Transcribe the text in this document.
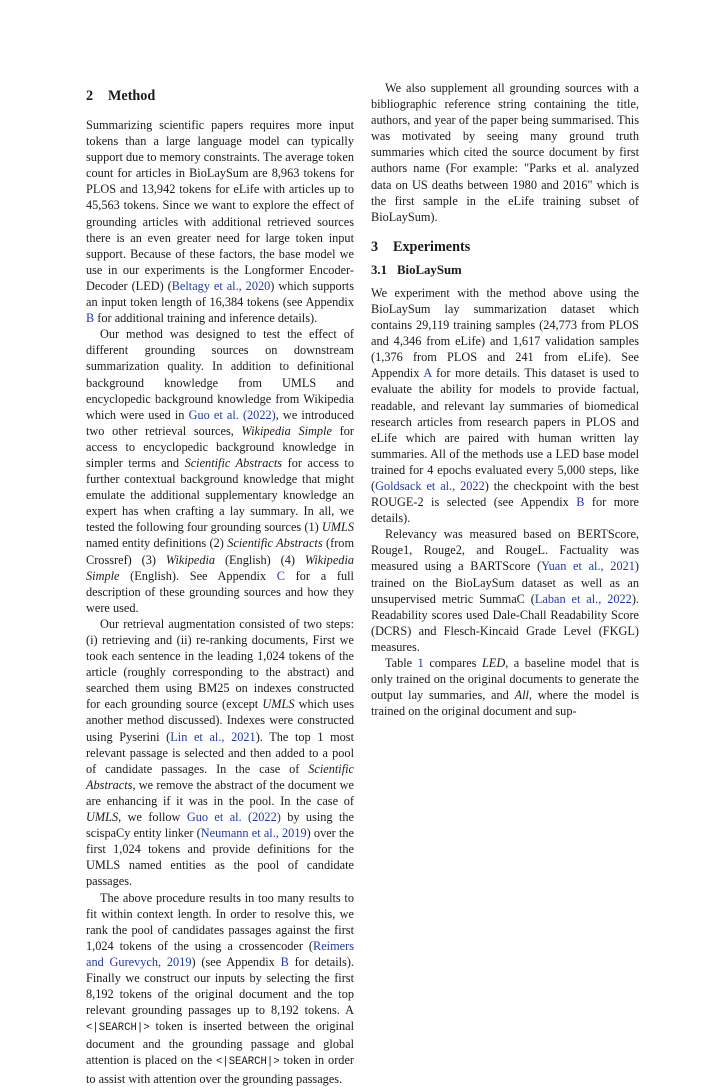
2 Method

Summarizing scientific papers requires more input tokens than a large language model can typically support due to memory constraints. The average token count for articles in BioLaySum are 8,963 tokens for PLOS and 13,942 tokens for eLife with articles up to 45,563 tokens. Since we want to explore the effect of grounding articles with additional retrieved sources there is an even greater need for large token input support. Because of these factors, the base model we use in our experiments is the Longformer Encoder-Decoder (LED) (Beltagy et al., 2020) which supports an input token length of 16,384 tokens (see Appendix B for additional training and inference details).

Our method was designed to test the effect of different grounding sources on downstream summarization quality. In addition to definitional background knowledge from UMLS and encyclopedic background knowledge from Wikipedia which were used in Guo et al. (2022), we introduced two other retrieval sources, Wikipedia Simple for access to encyclopedic background knowledge in simpler terms and Scientific Abstracts for access to further contextual background knowledge that might emulate the additional supplementary knowledge an expert has when crafting a lay summary. In all, we tested the following four grounding sources (1) UMLS named entity definitions (2) Scientific Abstracts (from Crossref) (3) Wikipedia (English) (4) Wikipedia Simple (English). See Appendix C for a full description of these grounding sources and how they were used.

Our retrieval augmentation consisted of two steps: (i) retrieving and (ii) re-ranking documents, First we took each sentence in the leading 1,024 tokens of the article (roughly corresponding to the abstract) and searched them using BM25 on indexes constructed for each grounding source (except UMLS which uses another method discussed). Indexes were constructed using Pyserini (Lin et al., 2021). The top 1 most relevant passage is selected and then added to a pool of candidate passages. In the case of Scientific Abstracts, we remove the abstract of the document we are enhancing if it was in the pool. In the case of UMLS, we follow Guo et al. (2022) by using the scispaCy entity linker (Neumann et al., 2019) over the first 1,024 tokens and provide definitions for the UMLS named entities as the pool of candidate passages.

The above procedure results in too many results to fit within context length. In order to resolve this, we rank the pool of candidates passages against the first 1,024 tokens of the using a crossencoder (Reimers and Gurevych, 2019) (see Appendix B for details). Finally we construct our inputs by selecting the first 8,192 tokens of the original document and the top relevant grounding passages up to 8,192 tokens. A <|SEARCH|> token is inserted between the original document and the grounding passage and global attention is placed on the <|SEARCH|> token in order to assist with attention over the grounding passages.

We also supplement all grounding sources with a bibliographic reference string containing the title, authors, and year of the paper being summarised. This was motivated by seeing many ground truth summaries which cited the source document by first authors name (For example: "Parks et al. analyzed data on US deaths between 1980 and 2016" which is the first sample in the eLife training subset of BioLaySum).

3 Experiments
3.1 BioLaySum

We experiment with the method above using the BioLaySum lay summarization dataset which contains 29,119 training samples (24,773 from PLOS and 4,346 from eLife) and 1,617 validation samples (1,376 from PLOS and 241 from eLife). See Appendix A for more details. This dataset is used to evaluate the ability for models to provide factual, readable, and relevant lay summaries of biomedical research articles from research papers in PLOS and eLife which are paired with human written lay summaries. All of the methods use a LED base model trained for 4 epochs evaluated every 5,000 steps, like (Goldsack et al., 2022) the checkpoint with the best ROUGE-2 is selected (see Appendix B for more details).

Relevancy was measured based on BERTScore, Rouge1, Rouge2, and RougeL. Factuality was measured using a BARTScore (Yuan et al., 2021) trained on the BioLaySum dataset as well as an unsupervised metric SummaC (Laban et al., 2022). Readability scores used Dale-Chall Readability Score (DCRS) and Flesch-Kincaid Grade Level (FKGL) measures.

Table 1 compares LED, a baseline model that is only trained on the original documents to generate the output lay summaries, and All, where the model is trained on the original document and sup-
